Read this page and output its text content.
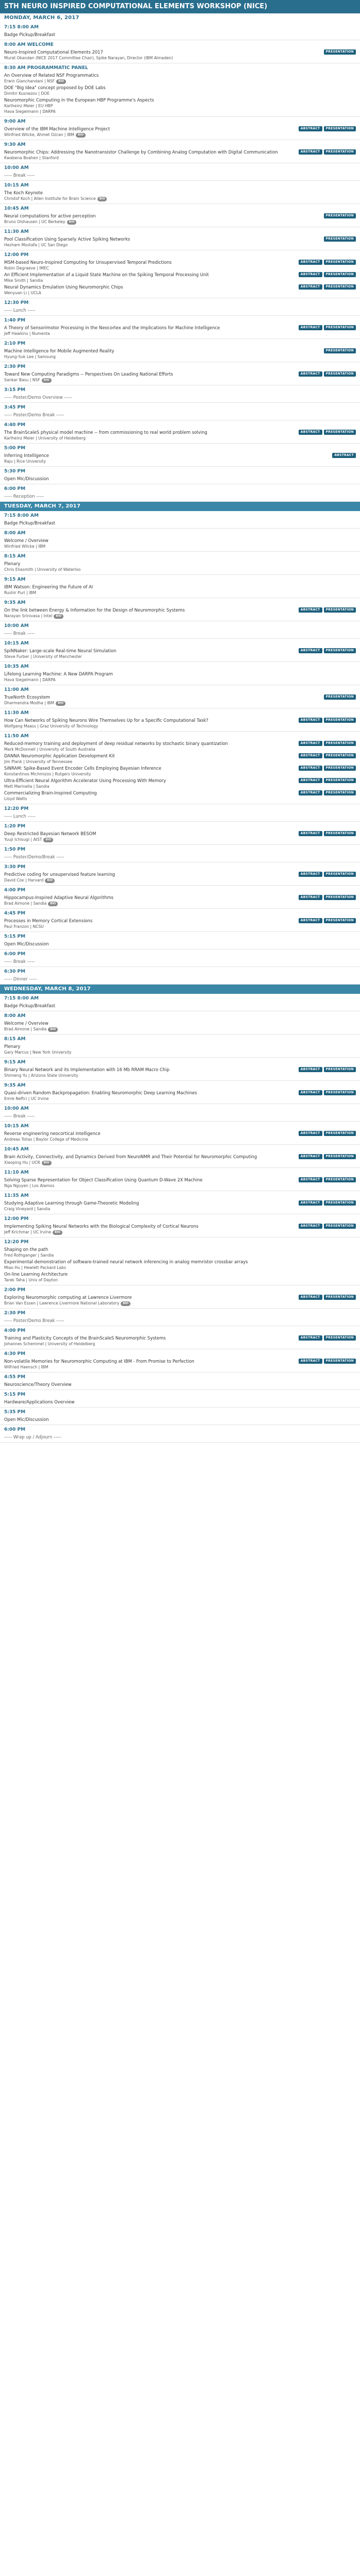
5TH NEURO INSPIRED COMPUTATIONAL ELEMENTS WORKSHOP (NICE)
MONDAY, MARCH 6, 2017
7:15 8:00 AM
Badge Pickup/Breakfast
8:00 AM WELCOME
Neuro-Inspired Computational Elements 2017	PRESENTATION
Murat Okandan (NICE 2017 Committee Chair), Spike Narayan, Director (IBM Almaden)
8:30 AM PROGRAMMATIC PANEL
An Overview of Related NSF Programmatics
Erwin Gianchandani | NSF BIO
DOE "Big Idea" concept proposed by DOE Labs
Dimitri Kusnezov | DOE
Neuromorphic Computing in the European HBP Programme's Aspects
Karlheinz Meier | EU HBP
Hava Siegelmann | DARPA
9:00 AM
Overview of the IBM Machine Intelligence Project	ABSTRACT	PRESENTATION
Winfried Wilcke, Ahmet Ozcan | IBM BIO
9:30 AM
Neuromorphic Chips: Addressing the Nanotransistor Challenge by Combining Analog Computation with Digital Communication	ABSTRACT	PRESENTATION
Kwabena Boahen | Stanford
10:00 AM
----- Break -----
10:15 AM
The Koch Keynote
Christof Koch | Allen Institute for Brain Science BIO
10:45 AM
Neural computations for active perception	PRESENTATION
Bruno Olshausen | UC Berkeley BIO
11:30 AM
Pool Classification Using Sparsely Active Spiking Networks	PRESENTATION
Hesham Mostafa | UC San Diego
12:00 PM
MSM-based Neuro-Inspired Computing for Unsupervised Temporal Predictions	ABSTRACT	PRESENTATION
Robin Degraeve | IMEC
An Efficient Implementation of a Liquid State Machine on the Spiking Temporal Processing Unit	ABSTRACT	PRESENTATION
Mike Smith | Sandia
Neural Dynamics Emulation Using Neuromorphic Chips	ABSTRACT	PRESENTATION
Wenyuan Li | UCLA
12:30 PM
----- Lunch -----
1:40 PM
A Theory of Sensorimotor Processing in the Neocortex and the Implications for Machine Intelligence	ABSTRACT	PRESENTATION
Jeff Hawkins | Numenta
2:10 PM
Machine Intelligence for Mobile Augmented Reality	PRESENTATION
Hyung-Suk Lee | Samsung
2:30 PM
Toward New Computing Paradigms -- Perspectives On Leading National Efforts	ABSTRACT	PRESENTATION
Sankar Basu | NSF BIO
3:15 PM
----- Poster/Demo Overview -----
3:45 PM
----- Poster/Demo Break -----
4:40 PM
The BrainScaleS physical model machine -- from commissioning to real world problem solving	ABSTRACT	PRESENTATION
Karlheinz Meier | University of Heidelberg
5:00 PM
Inferring Intelligence	ABSTRACT
Raju | Rice University
5:30 PM
Open Mic/Discussion
6:00 PM
----- Reception -----
TUESDAY, MARCH 7, 2017
7:15 8:00 AM
Badge Pickup/Breakfast
8:00 AM
Welcome / Overview
Winfried Wilcke | IBM
8:15 AM
Plenary
Chris Eliasmith | University of Waterloo
9:15 AM
IBM Watson: Engineering the Future of AI
Rushir Puri | IBM
9:35 AM
On the link between Energy & Information for the Design of Neuromorphic Systems	ABSTRACT	PRESENTATION
Narayan Srinivasa | Intel BIO
10:00 AM
----- Break -----
10:15 AM
SpiNNaker: Large-scale Real-time Neural Simulation	ABSTRACT	PRESENTATION
Steve Furber | University of Manchester
10:35 AM
Lifelong Learning Machine: A New DARPA Program
Hava Siegelmann | DARPA
11:00 AM
TrueNorth Ecosystem	PRESENTATION
Dharmendra Modha | IBM BIO
11:30 AM
How Can Networks of Spiking Neurons Wire Themselves Up for a Specific Computational Task?	ABSTRACT	PRESENTATION
Wolfgang Maass | Graz University of Technology
11:50 AM
Reduced-memory training and deployment of deep residual networks by stochastic binary quantization	ABSTRACT	PRESENTATION
Mark McDonnell | University of South Australia
DANNA Neuromorphic Application Development Kit	ABSTRACT	PRESENTATION
Jim Plank | University of Tennessee
SiNRAM: Spike-Based Event Encoder Cells Employing Bayesian Inference	ABSTRACT	PRESENTATION
Konstantinos Michmizos | Rutgers University
Ultra-Efficient Neural Algorithm Accelerator Using Processing With Memory	ABSTRACT	PRESENTATION
Matt Marinella | Sandia
Commercializing Brain-Inspired Computing	ABSTRACT	PRESENTATION
Lloyd Watts
12:20 PM
----- Lunch -----
1:20 PM
Deep Restricted Bayesian Network BESOM	ABSTRACT	PRESENTATION
Yuuji Ichisugi | AIST BIO
1:50 PM
----- Poster/Demo/Break -----
3:30 PM
Predictive coding for unsupervised feature learning	ABSTRACT	PRESENTATION
David Cox | Harvard BIO
4:00 PM
Hippocampus-Inspired Adaptive Neural Algorithms	ABSTRACT	PRESENTATION
Brad Aimone | Sandia BIO
4:45 PM
Processes in Memory Cortical Extensions	ABSTRACT	PRESENTATION
Paul Franzon | NCSU
5:15 PM
Open Mic/Discussion
6:00 PM
----- Break -----
6:30 PM
----- Dinner -----
WEDNESDAY, MARCH 8, 2017
7:15 8:00 AM
Badge Pickup/Breakfast
8:00 AM
Welcome / Overview
Brad Aimone | Sandia BIO
8:15 AM
Plenary
Gary Marcus | New York University
9:15 AM
Binary Neural Network and its Implementation with 16 Mb RRAM Macro Chip	ABSTRACT	PRESENTATION
Shimeng Yu | Arizona State University
9:35 AM
Quasi-driven Random Backpropagation: Enabling Neuromorphic Deep Learning Machines	ABSTRACT	PRESENTATION
Emre Neftci | UC Irvine
10:00 AM
----- Break -----
10:15 AM
Reverse engineering neocortical intelligence	ABSTRACT	PRESENTATION
Andreas Tolias | Baylor College of Medicine
10:45 AM
Brain Activity, Connectivity, and Dynamics Derived from NeuroNMR and Their Potential for Neuromorphic Computing	ABSTRACT	PRESENTATION
Xiaoping Hu | UCR BIO
11:10 AM
Solving Sparse Representation for Object Classification Using Quantum D-Wave 2X Machine	ABSTRACT	PRESENTATION
Nga Nguyen | Los Alamos
11:35 AM
Studying Adaptive Learning through Game-Theoretic Modeling	ABSTRACT	PRESENTATION
Craig Vineyard | Sandia
12:00 PM
Implementing Spiking Neural Networks with the Biological Complexity of Cortical Neurons	ABSTRACT	PRESENTATION
Jeff Krichmar | UC Irvine BIO
12:20 PM
Shaping on the path
Fred Rothganger | Sandia
Experimental demonstration of software-trained neural network inferencing in analog memristor crossbar arrays
Miao Hu | Hewlett Packard Labs
On-line Learning Architecture
Tarek Taha | Univ of Dayton
2:00 PM
Exploring Neuromorphic computing at Lawrence Livermore	ABSTRACT	PRESENTATION
Brian Van Essen | Lawrence Livermore National Laboratory BIO
2:30 PM
----- Poster/Demo Break -----
4:00 PM
Training and Plasticity Concepts of the BrainScaleS Neuromorphic Systems	ABSTRACT	PRESENTATION
Johannes Schemmel | University of Heidelberg
4:30 PM
Non-volatile Memories for Neuromorphic Computing at IBM - From Promise to Perfection	ABSTRACT	PRESENTATION
Wilfried Haensch | IBM
4:55 PM
Neuroscience/Theory Overview
5:15 PM
Hardware/Applications Overview
5:35 PM
Open Mic/Discussion
6:00 PM
----- Wrap up / Adjourn -----
